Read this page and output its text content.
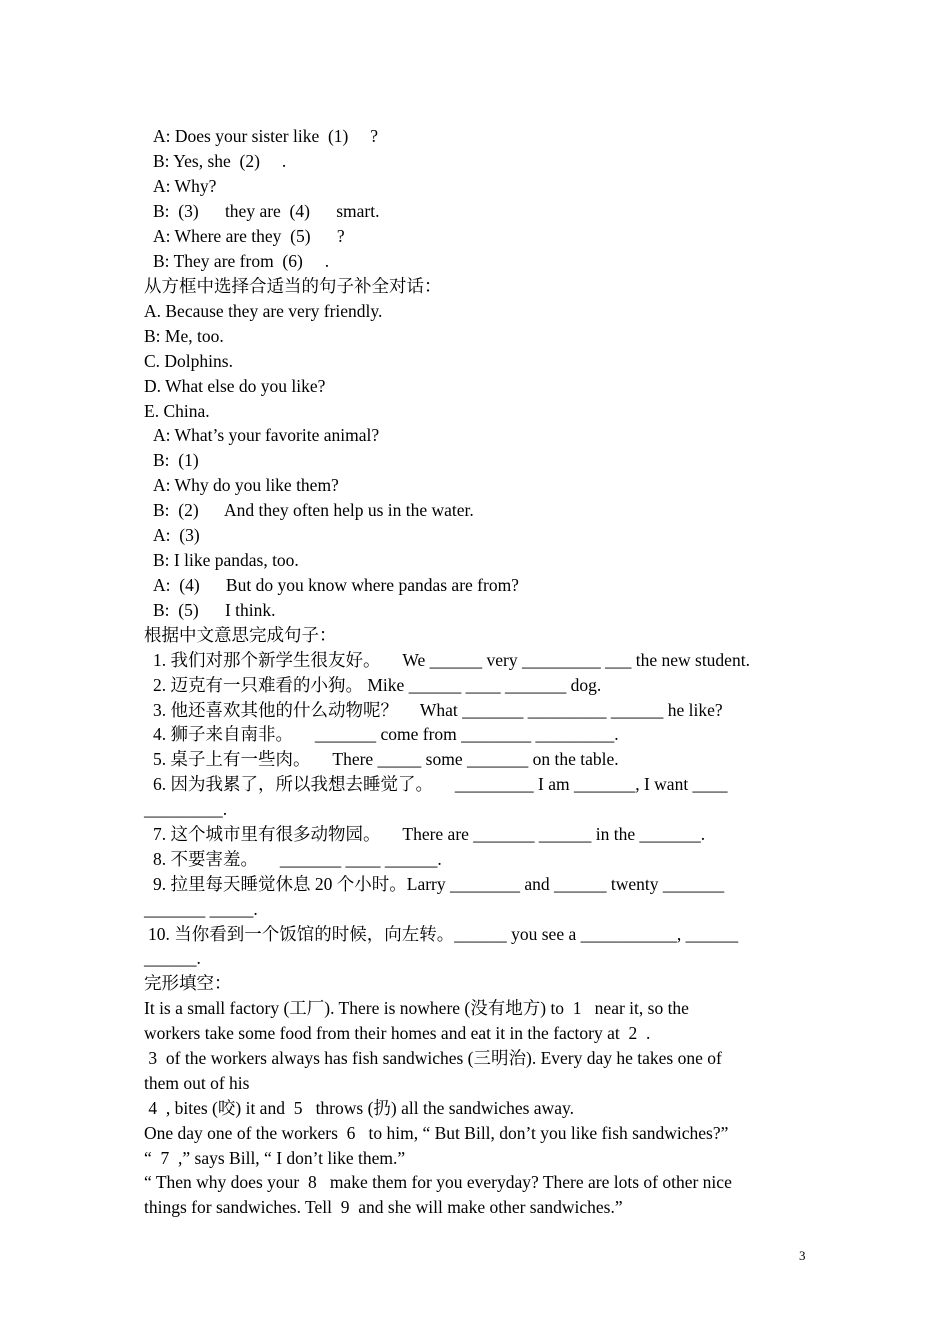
A: Does your sister like  (1)     ?
B: Yes, she  (2)     .
A: Why?
B:  (3)      they are  (4)      smart.
A: Where are they  (5)      ?
B: They are from  (6)     .
从方框中选择合适当的句子补全对话：
A. Because they are very friendly.
B: Me, too.
C. Dolphins.
D. What else do you like?
E. China.
A: What’s your favorite animal?
B:  (1)
A: Why do you like them?
B:  (2)      And they often help us in the water.
A:  (3)
B: I like pandas, too.
A:  (4)      But do you know where pandas are from?
B:  (5)      I think.
根据中文意思完成句子：
1. 我们对那个新学生很友好。     We ______ very _________ ___ the new student.
2. 迈克有一只难看的小狗。 Mike ______ ____ _______ dog.
3. 他还喜欢其他的什么动物呢？     What _______ _________ ______ he like?
4. 狮子来自南非。     _______ come from ________ _________.
5. 桌子上有一些肉。     There _____ some _______ on the table.
6. 因为我累了，所以我想去睡觉了。     _________ I am _______, I want ____
_________.
7. 这个城市里有很多动物园。     There are _______ ______ in the _______.
8. 不要害羞。     _______ ____ ______.
9. 拉里每天睡觉休息 20 个小时。Larry ________ and ______ twenty _______
_______ _____.
10. 当你看到一个饭馆的时候，向左转。______ you see a ___________, ______
______.
完形填空：
It is a small factory (工厂). There is nowhere (没有地方) to  1   near it, so the
workers take some food from their homes and eat it in the factory at  2  .
3  of the workers always has fish sandwiches (三明治). Every day he takes one of
them out of his
4  , bites (咬) it and  5   throws (扔) all the sandwiches away.
One day one of the workers  6   to him, “ But Bill, don’t you like fish sandwiches?”
“  7  ,” says Bill, “ I don’t like them.”
“ Then why does your  8   make them for you everyday? There are lots of other nice
things for sandwiches. Tell  9  and she will make other sandwiches.”
3
